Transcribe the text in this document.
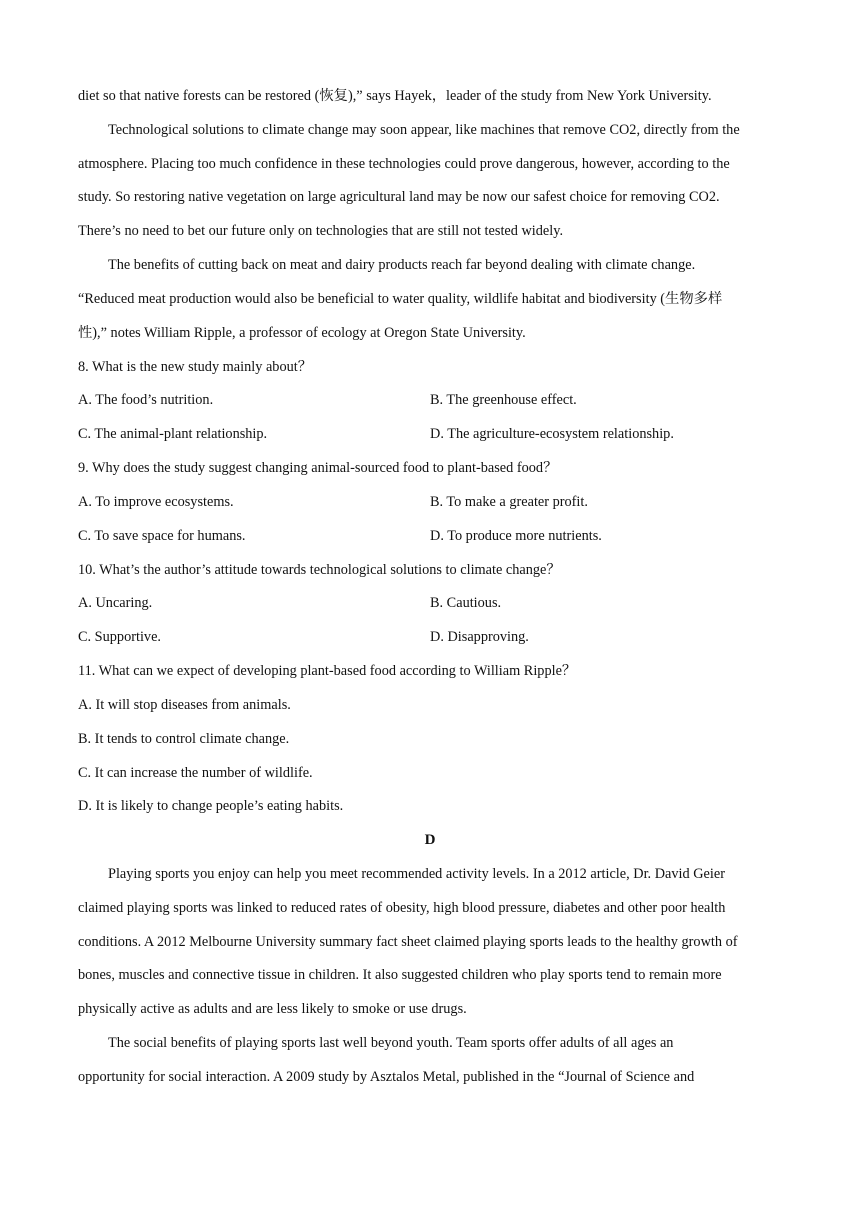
diet so that native forests can be restored (恢复),” says Hayek，leader of the study from New York University.
Technological solutions to climate change may soon appear, like machines that remove CO2, directly from the
atmosphere. Placing too much confidence in these technologies could prove dangerous, however, according to the
study. So restoring native vegetation on large agricultural land may be now our safest choice for removing CO2.
There’s no need to bet our future only on technologies that are still not tested widely.
The benefits of cutting back on meat and dairy products reach far beyond dealing with climate change.
“Reduced meat production would also be beneficial to water quality, wildlife habitat and biodiversity (生物多样
性),” notes William Ripple, a professor of ecology at Oregon State University.
8. What is the new study mainly about？
A. The food’s nutrition.	B. The greenhouse effect.
C. The animal-plant relationship.	D. The agriculture-ecosystem relationship.
9. Why does the study suggest changing animal-sourced food to plant-based food？
A. To improve ecosystems.	B. To make a greater profit.
C. To save space for humans.	D. To produce more nutrients.
10. What’s the author’s attitude towards technological solutions to climate change？
A. Uncaring.	B. Cautious.
C. Supportive.	D. Disapproving.
11. What can we expect of developing plant-based food according to William Ripple？
A. It will stop diseases from animals.
B. It tends to control climate change.
C. It can increase the number of wildlife.
D. It is likely to change people’s eating habits.
D
Playing sports you enjoy can help you meet recommended activity levels. In a 2012 article, Dr. David Geier
claimed playing sports was linked to reduced rates of obesity, high blood pressure, diabetes and other poor health
conditions. A 2012 Melbourne University summary fact sheet claimed playing sports leads to the healthy growth of
bones, muscles and connective tissue in children. It also suggested children who play sports tend to remain more
physically active as adults and are less likely to smoke or use drugs.
The social benefits of playing sports last well beyond youth. Team sports offer adults of all ages an
opportunity for social interaction. A 2009 study by Asztalos Metal, published in the “Journal of Science and
